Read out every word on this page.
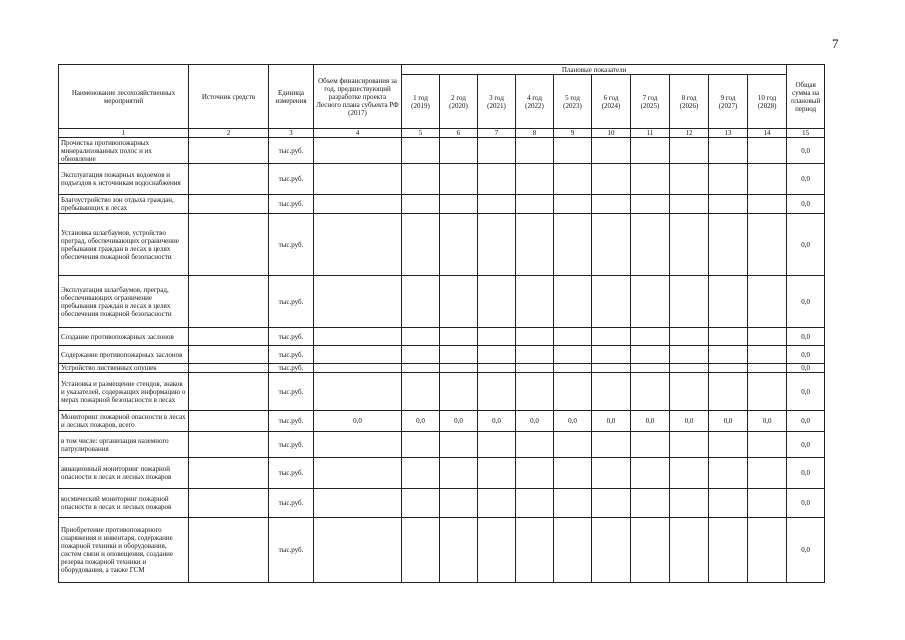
7
Наименование лесохозяйственных мероприятий	Источник средств	Единица измерения	Объем финансирования за год, предшествующий разработке проекта Лесного плана субъекта РФ (2017)	Плановые показатели										Общая сумма на плановый период
				1 год (2019)	2 год (2020)	3 год (2021)	4 год (2022)	5 год (2023)	6 год (2024)	7 год (2025)	8 год (2026)	9 год (2027)	10 год (2028)	
1	2	3	4	5	6	7	8	9	10	11	12	13	14	15
Прочистка противопожарных минерализованных полос и их обновление		тыс.руб.												0,0
Эксплуатация пожарных водоемов и подъездов к источникам водоснабжения		тыс.руб.												0,0
Благоустройство зон отдыха граждан, пребывающих в лесах		тыс.руб.												0,0
Установка шлагбаумов, устройство преград, обеспечивающих ограничение пребывания граждан в лесах в целях обеспечения пожарной безопасности		тыс.руб.												0,0
Эксплуатация шлагбаумов, преград, обеспечивающих ограничение пребывания граждан в лесах в целях обеспечения пожарной безопасности		тыс.руб.												0,0
Создание противопожарных заслонов		тыс.руб.												0,0
Содержание противопожарных заслонов		тыс.руб.												0,0
Устройство лиственных опушек		тыс.руб.												0,0
Установка и размещение стендов, знаков и указателей, содержащих информацию о мерах пожарной безопасности в лесах		тыс.руб.												0,0
Мониторинг пожарной опасности в лесах и лесных пожаров, всего		тыс.руб.	0,0	0,0	0,0	0,0	0,0	0,0	0,0	0,0	0,0	0,0	0,0	0,0
в том числе: организация наземного патрулирования		тыс.руб.												0,0
авиационный мониторинг пожарной опасности в лесах и лесных пожаров		тыс.руб.												0,0
космический мониторинг пожарной опасности в лесах и лесных пожаров		тыс.руб.												0,0
Приобретение противопожарного снаряжения и инвентаря, содержание пожарной техники и оборудования, систем связи и оповещения, создание резерва пожарной техники и оборудования, а также ГСМ		тыс.руб.												0,0
